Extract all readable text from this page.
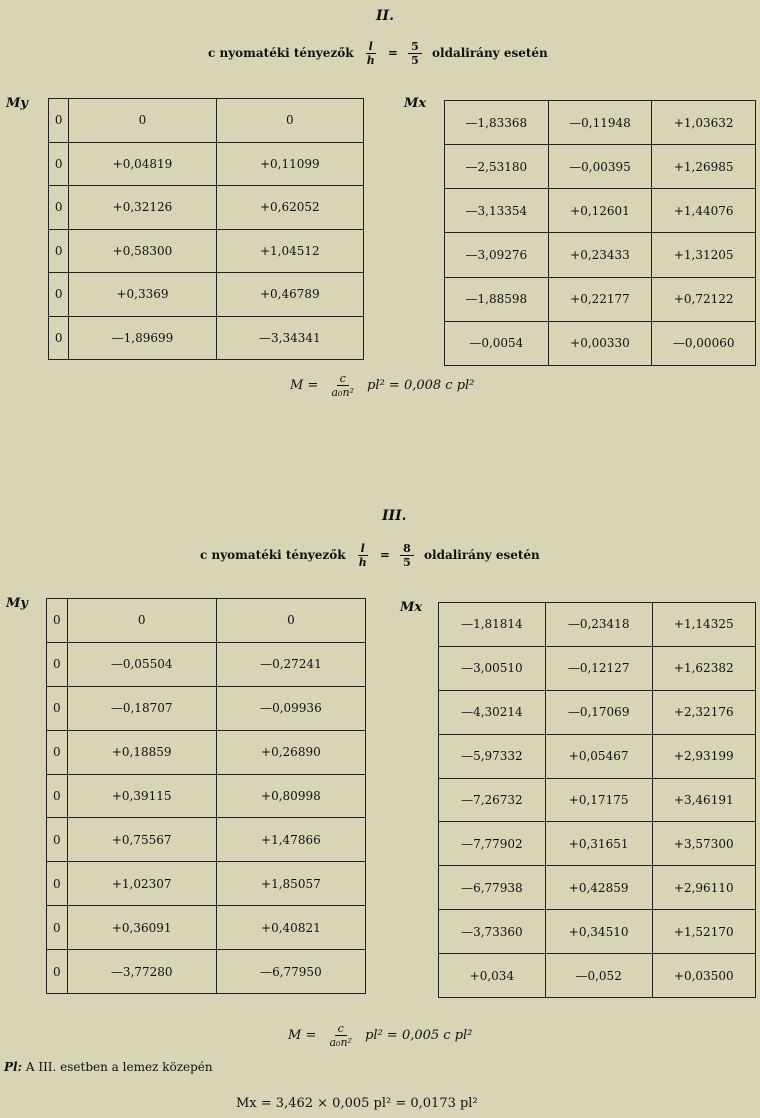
II.
c nyomatéki tényezők $\frac{l}{h} = \frac{5}{5}$ oldalirány esetén
My	Mx
0	0	0
0	+0,04819	+0,11099
0	+0,32126	+0,62052
0	+0,58300	+1,04512
0	+0,3369	+0,46789
0	—1,89699	—3,34341
—1,83368	—0,11948	+1,03632
—2,53180	—0,00395	+1,26985
—3,13354	+0,12601	+1,44076
—3,09276	+0,23433	+1,31205
—1,88598	+0,22177	+0,72122
—0,0054	+0,00330	—0,00060
$M = \frac{c}{\text{a₀n²}} pl^2 = 0,008$ c pl²
III.
c nyomatéki tényezők $\frac{l}{h} = \frac{8}{5}$ oldalirány esetén
My	Mx
0	0	0
0	—0,05504	—0,27241
0	—0,18707	—0,09936
0	+0,18859	+0,26890
0	+0,39115	+0,80998
0	+0,75567	+1,47866
0	+1,02307	+1,85057
0	+0,36091	+0,40821
0	—3,77280	—6,77950
—1,81814	—0,23418	+1,14325
—3,00510	—0,12127	+1,62382
—4,30214	—0,17069	+2,32176
—5,97332	+0,05467	+2,93199
—7,26732	+0,17175	+3,46191
—7,77902	+0,31651	+3,57300
—6,77938	+0,42859	+2,96110
—3,73360	+0,34510	+1,52170
+0,034	—0,052	+0,03500
$M = \frac{c}{\text{a₀n²}} pl^2 = 0,005$ c pl²
Pl: A III. esetben a lemez közepén
Mx = 3,462 × 0,005 pl² = 0,0173 pl²
